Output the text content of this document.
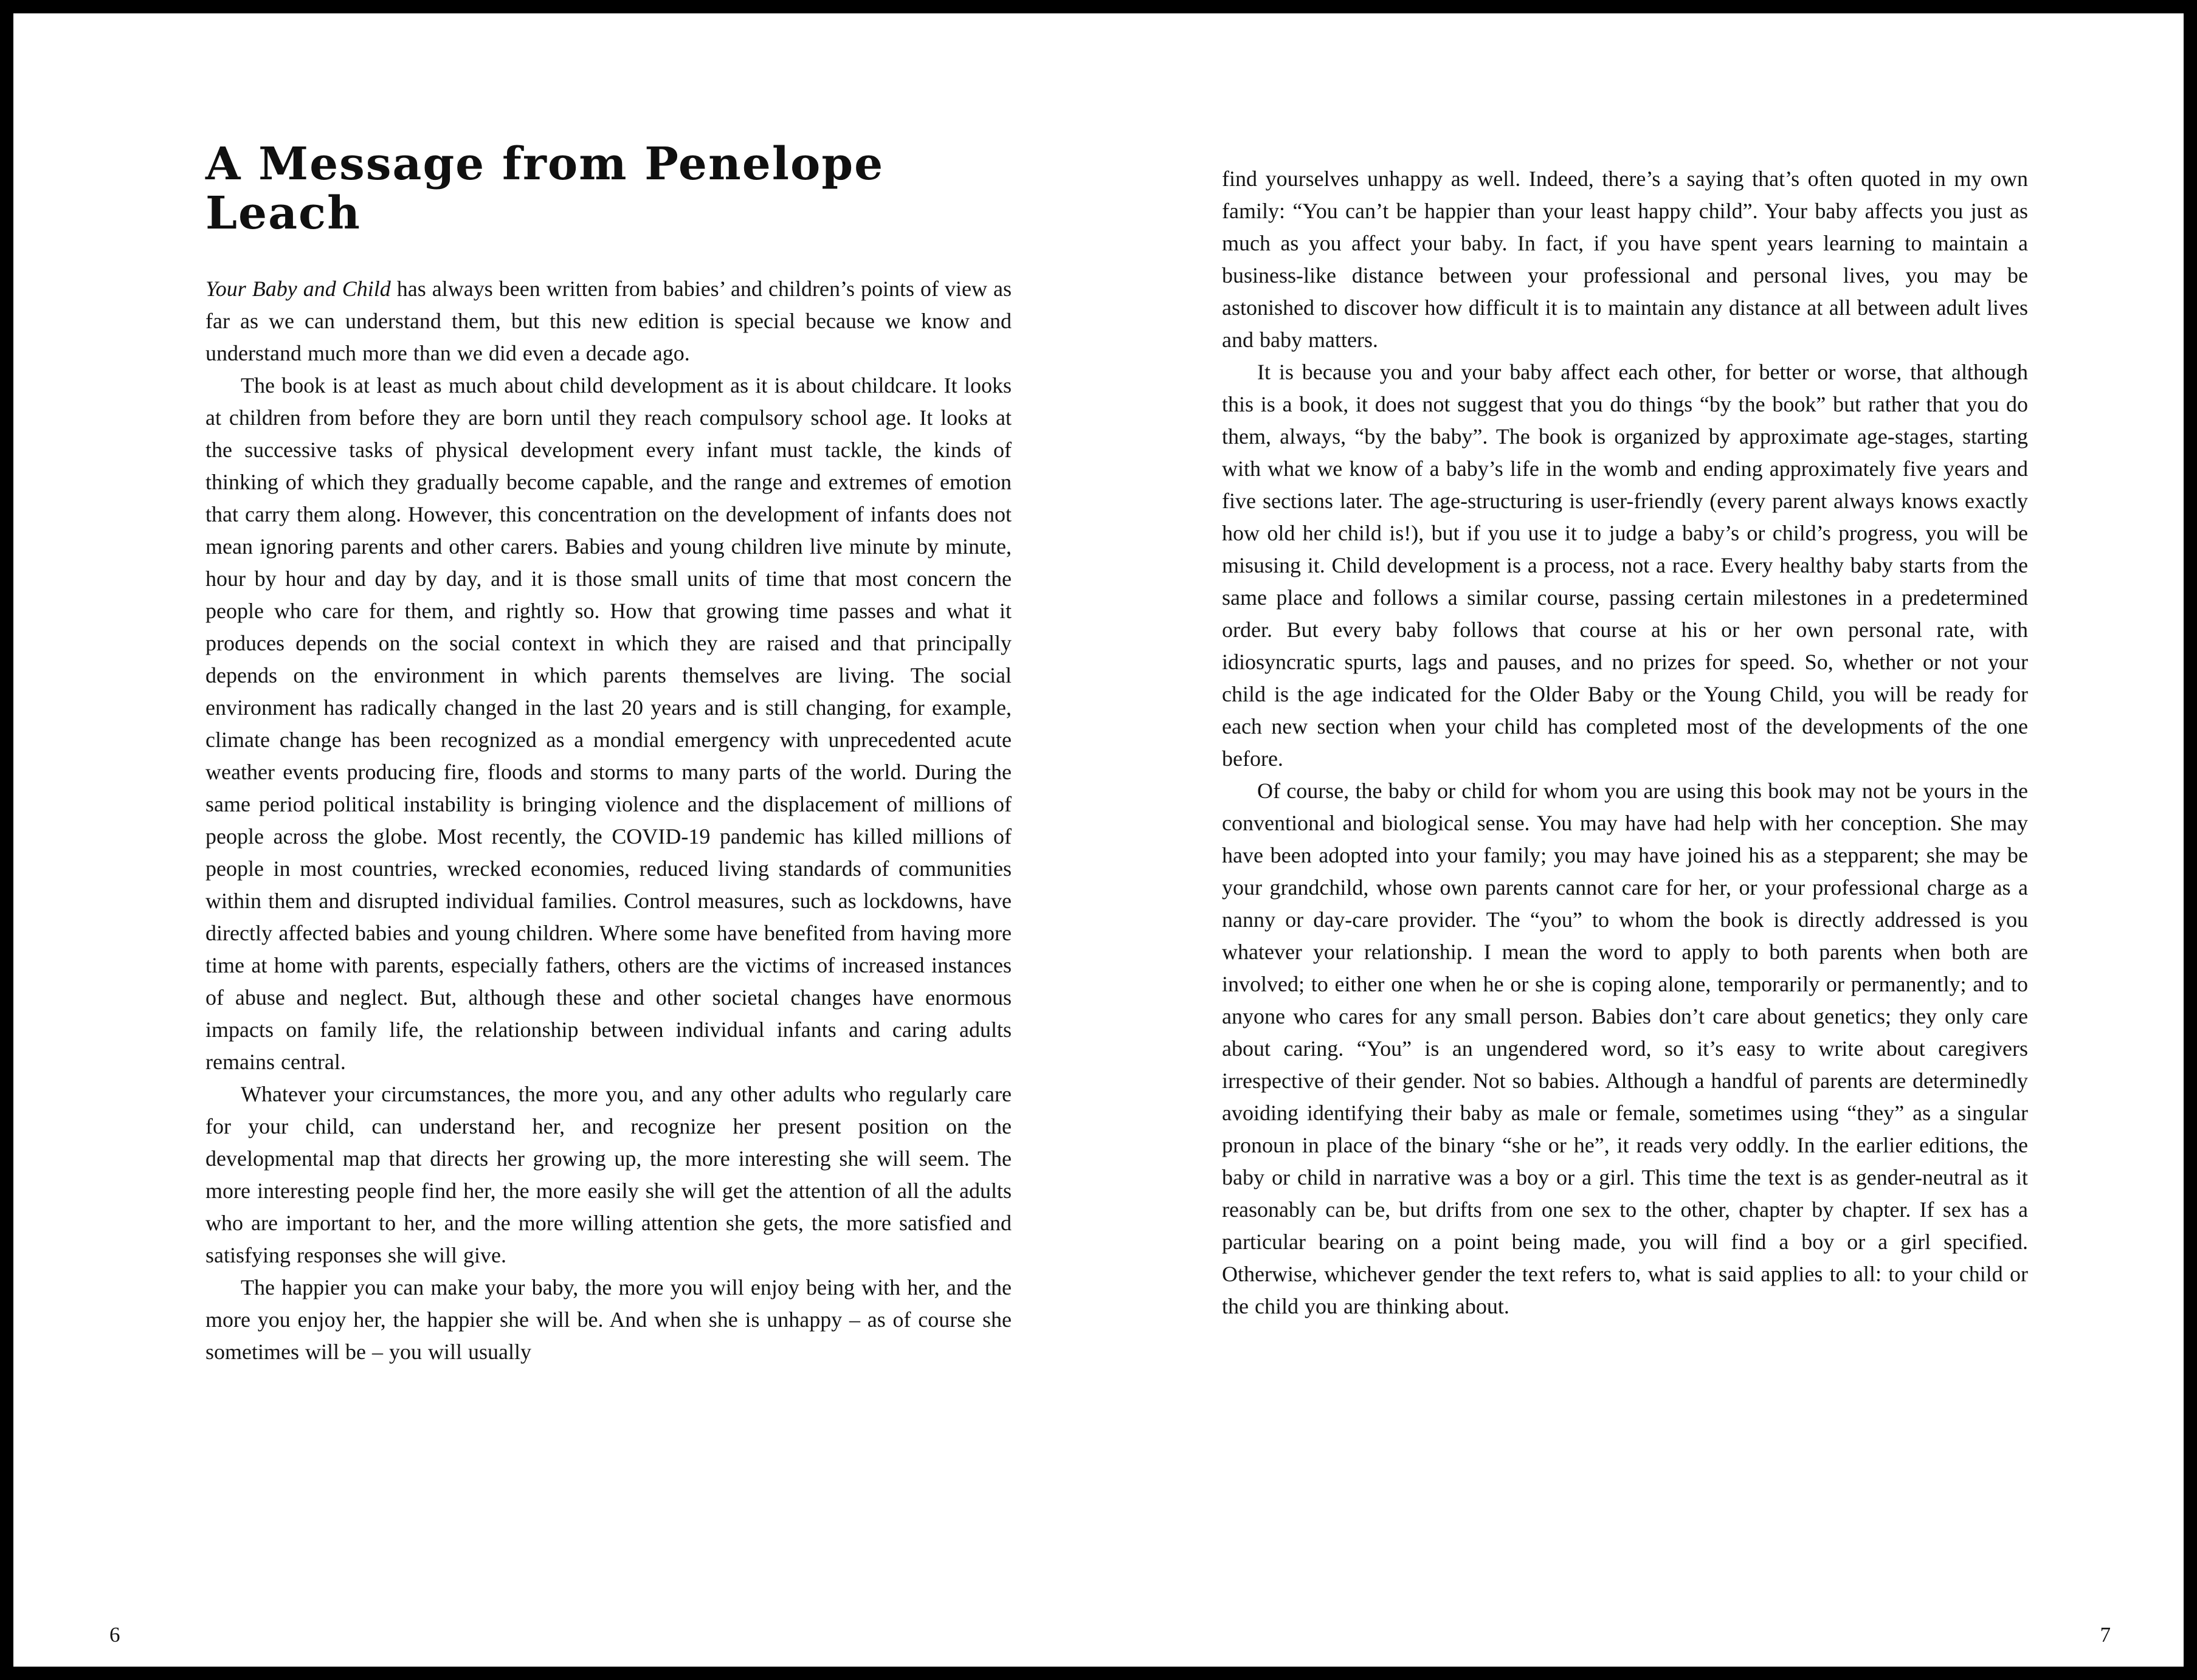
A Message from Penelope Leach

Your Baby and Child has always been written from babies’ and children’s points of view as far as we can understand them, but this new edition is special because we know and understand much more than we did even a decade ago.

The book is at least as much about child development as it is about childcare. It looks at children from before they are born until they reach compulsory school age. It looks at the successive tasks of physical development every infant must tackle, the kinds of thinking of which they gradually become capable, and the range and extremes of emotion that carry them along. However, this concentration on the development of infants does not mean ignoring parents and other carers. Babies and young children live minute by minute, hour by hour and day by day, and it is those small units of time that most concern the people who care for them, and rightly so. How that growing time passes and what it produces depends on the social context in which they are raised and that principally depends on the environment in which parents themselves are living. The social environment has radically changed in the last 20 years and is still changing, for example, climate change has been recognized as a mondial emergency with unprecedented acute weather events producing fire, floods and storms to many parts of the world. During the same period political instability is bringing violence and the displacement of millions of people across the globe. Most recently, the COVID-19 pandemic has killed millions of people in most countries, wrecked economies, reduced living standards of communities within them and disrupted individual families. Control measures, such as lockdowns, have directly affected babies and young children. Where some have benefited from having more time at home with parents, especially fathers, others are the victims of increased instances of abuse and neglect. But, although these and other societal changes have enormous impacts on family life, the relationship between individual infants and caring adults remains central.

Whatever your circumstances, the more you, and any other adults who regularly care for your child, can understand her, and recognize her present position on the developmental map that directs her growing up, the more interesting she will seem. The more interesting people find her, the more easily she will get the attention of all the adults who are important to her, and the more willing attention she gets, the more satisfied and satisfying responses she will give.

The happier you can make your baby, the more you will enjoy being with her, and the more you enjoy her, the happier she will be. And when she is unhappy – as of course she sometimes will be – you will usually

find yourselves unhappy as well. Indeed, there’s a saying that’s often quoted in my own family: “You can’t be happier than your least happy child”. Your baby affects you just as much as you affect your baby. In fact, if you have spent years learning to maintain a business-like distance between your professional and personal lives, you may be astonished to discover how difficult it is to maintain any distance at all between adult lives and baby matters.

It is because you and your baby affect each other, for better or worse, that although this is a book, it does not suggest that you do things “by the book” but rather that you do them, always, “by the baby”. The book is organized by approximate age-stages, starting with what we know of a baby’s life in the womb and ending approximately five years and five sections later. The age-structuring is user-friendly (every parent always knows exactly how old her child is!), but if you use it to judge a baby’s or child’s progress, you will be misusing it. Child development is a process, not a race. Every healthy baby starts from the same place and follows a similar course, passing certain milestones in a predetermined order. But every baby follows that course at his or her own personal rate, with idiosyncratic spurts, lags and pauses, and no prizes for speed. So, whether or not your child is the age indicated for the Older Baby or the Young Child, you will be ready for each new section when your child has completed most of the developments of the one before.

Of course, the baby or child for whom you are using this book may not be yours in the conventional and biological sense. You may have had help with her conception. She may have been adopted into your family; you may have joined his as a stepparent; she may be your grandchild, whose own parents cannot care for her, or your professional charge as a nanny or day-care provider. The “you” to whom the book is directly addressed is you whatever your relationship. I mean the word to apply to both parents when both are involved; to either one when he or she is coping alone, temporarily or permanently; and to anyone who cares for any small person. Babies don’t care about genetics; they only care about caring. “You” is an ungendered word, so it’s easy to write about caregivers irrespective of their gender. Not so babies. Although a handful of parents are determinedly avoiding identifying their baby as male or female, sometimes using “they” as a singular pronoun in place of the binary “she or he”, it reads very oddly. In the earlier editions, the baby or child in narrative was a boy or a girl. This time the text is as gender-neutral as it reasonably can be, but drifts from one sex to the other, chapter by chapter. If sex has a particular bearing on a point being made, you will find a boy or a girl specified. Otherwise, whichever gender the text refers to, what is said applies to all: to your child or the child you are thinking about.

6	7
